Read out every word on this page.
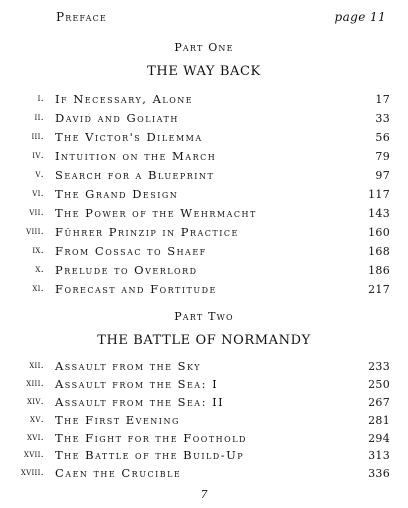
Preface	page 11
Part One
THE WAY BACK
i. If Necessary, Alone	17
ii. David and Goliath	33
iii. The Victor's Dilemma	56
iv. Intuition on the March	79
v. Search for a Blueprint	97
vi. The Grand Design	117
vii. The Power of the Wehrmacht	143
viii. Führer Prinzip in Practice	160
ix. From Cossac to Shaef	168
x. Prelude to Overlord	186
xi. Forecast and Fortitude	217
Part Two
THE BATTLE OF NORMANDY
xii. Assault from the Sky	233
xiii. Assault from the Sea: I	250
xiv. Assault from the Sea: II	267
xv. The First Evening	281
xvi. The Fight for the Foothold	294
xvii. The Battle of the Build-Up	313
xviii. Caen the Crucible	336
7
